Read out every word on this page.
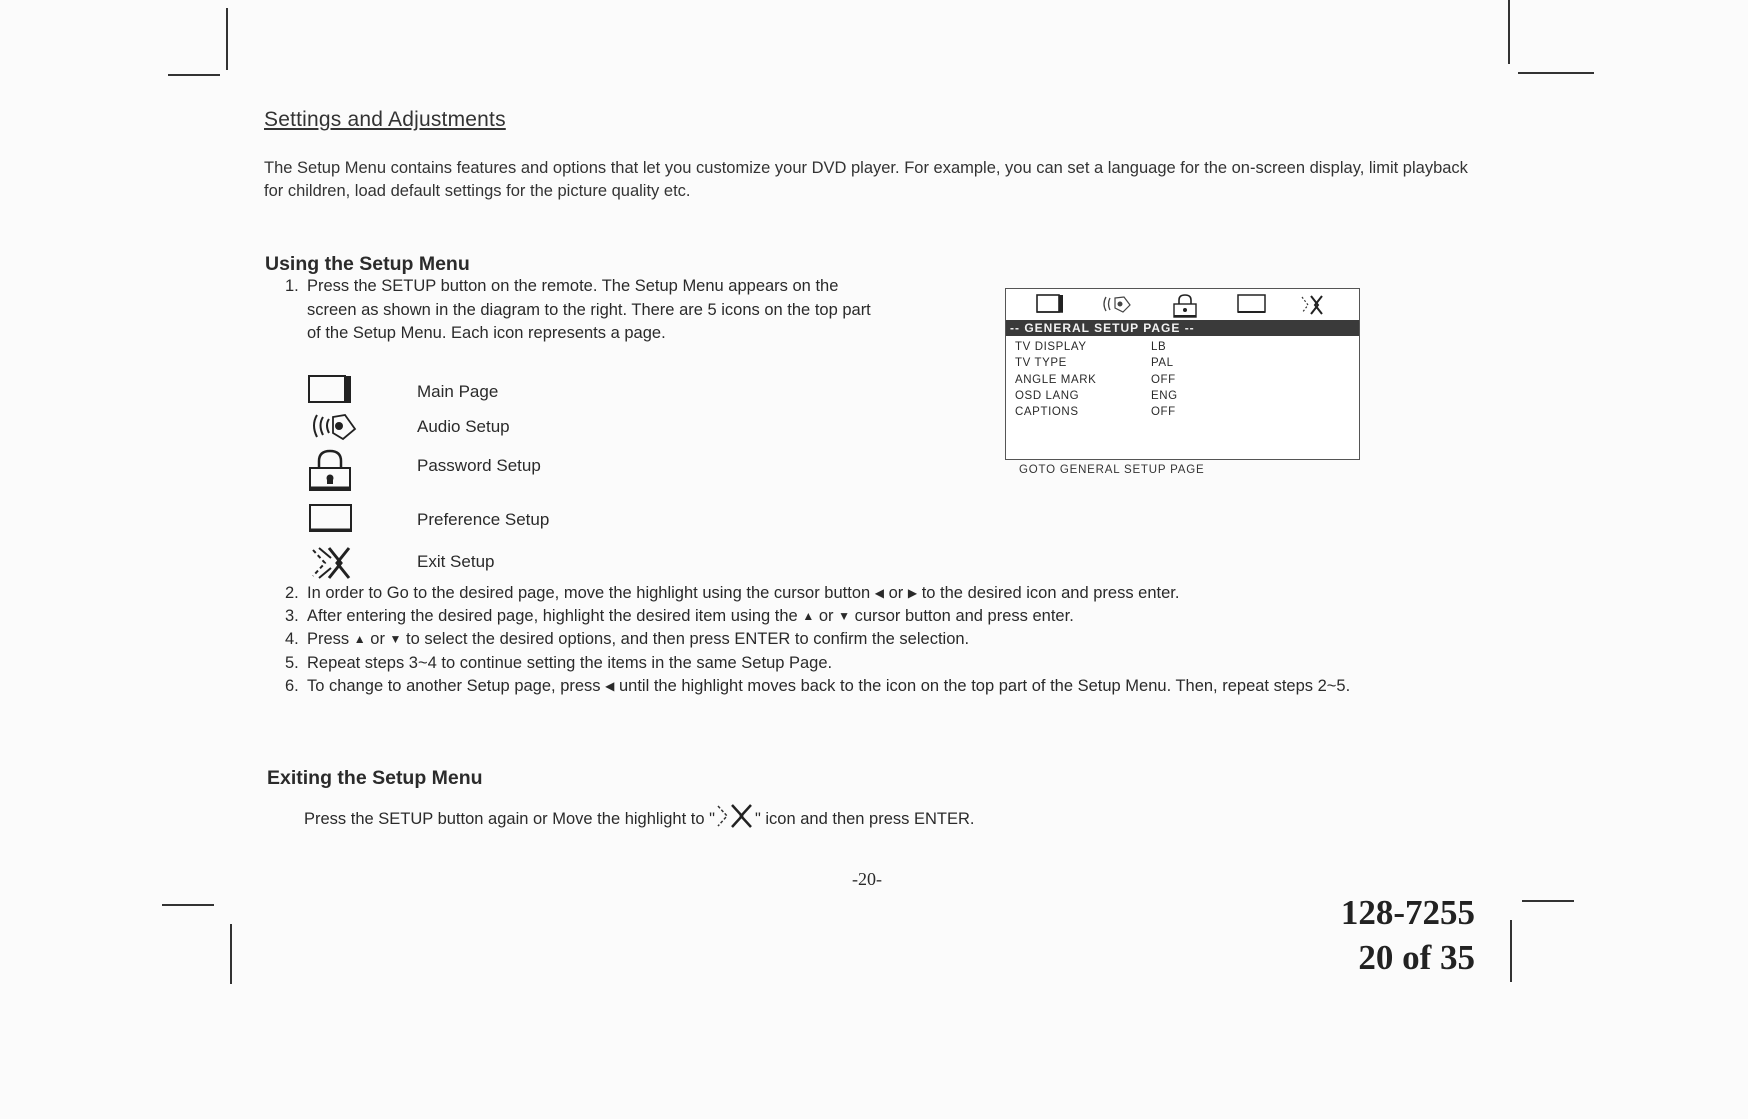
Settings and Adjustments
The Setup Menu contains features and options that let you customize your DVD player. For example, you can set a language for the on-screen display, limit playback for children, load default settings for the picture quality etc.
Using the Setup Menu
1. Press the SETUP button on the remote. The Setup Menu appears on the screen as shown in the diagram to the right. There are 5 icons on the top part of the Setup Menu. Each icon represents a page.
Main Page
Audio Setup
Password Setup
Preference Setup
Exit Setup
-- GENERAL SETUP PAGE --
TV DISPLAY	LB
TV TYPE	PAL
ANGLE MARK	OFF
OSD LANG	ENG
CAPTIONS	OFF
GOTO GENERAL SETUP PAGE
2. In order to Go to the desired page, move the highlight using the cursor button ◀ or ▶ to the desired icon and press enter.
3. After entering the desired page, highlight the desired item using the ▲ or ▼ cursor button and press enter.
4. Press ▲ or ▼ to select the desired options, and then press ENTER to confirm the selection.
5. Repeat steps 3~4 to continue setting the items in the same Setup Page.
6. To change to another Setup page, press ◀ until the highlight moves back to the icon on the top part of the Setup Menu. Then, repeat steps 2~5.
Exiting the Setup Menu
Press the SETUP button again or Move the highlight to " " icon and then press ENTER.
-20-
128-7255
20 of 35
